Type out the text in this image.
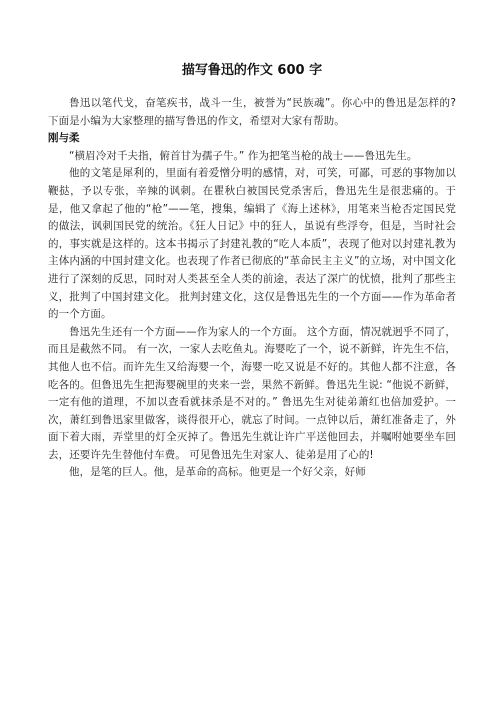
描写鲁迅的作文 600 字

鲁迅以笔代戈，奋笔疾书，战斗一生，被誉为“民族魂”。你心中的鲁迅是怎样的?下面是小编为大家整理的描写鲁迅的作文，希望对大家有帮助。

刚与柔

“横眉冷对千夫指，俯首甘为孺子牛。” 作为把笔当枪的战士——鲁迅先生。

他的文笔是犀利的，里面有着爱憎分明的感情，对，可笑，可鄙，可恶的事物加以鞭挞，予以专张，辛辣的讽刺。在瞿秋白被国民党杀害后，鲁迅先生是很悲痛的。于是，他又拿起了他的“枪”——笔，搜集，编辑了《海上述林》，用笔来当枪否定国民党的做法，讽刺国民党的统治。《狂人日记》中的狂人，虽说有些浮夸，但是，当时社会的，事实就是这样的。这本书揭示了封建礼教的“吃人本质”，表现了他对以封建礼教为主体内涵的中国封建文化。也表现了作者已彻底的“革命民主主义”的立场，对中国文化进行了深刻的反思，同时对人类甚至全人类的前途，表达了深广的忧愤，批判了那些主义，批判了中国封建文化。 批判封建文化，这仅是鲁迅先生的一个方面——作为革命者的一个方面。

鲁迅先生还有一个方面——作为家人的一个方面。 这个方面，情况就迥乎不同了，而且是截然不同。 有一次，一家人去吃鱼丸。海婴吃了一个，说不新鲜，许先生不信，其他人也不信。而许先生又给海婴一个，海婴一吃又说是不好的。其他人都不注意，各吃各的。但鲁迅先生把海婴碗里的夹来一尝，果然不新鲜。鲁迅先生说: “他说不新鲜，一定有他的道理，不加以查看就抹杀是不对的。” 鲁迅先生对徒弟萧红也倍加爱护。一次，萧红到鲁迅家里做客，谈得很开心，就忘了时间。一点钟以后，萧红准备走了，外面下着大雨，弄堂里的灯全灭掉了。鲁迅先生就让许广平送他回去，并嘱咐她要坐车回去，还要许先生替他付车费。 可见鲁迅先生对家人、徒弟是用了心的!

他，是笔的巨人。他，是革命的高标。他更是一个好父亲，好师
